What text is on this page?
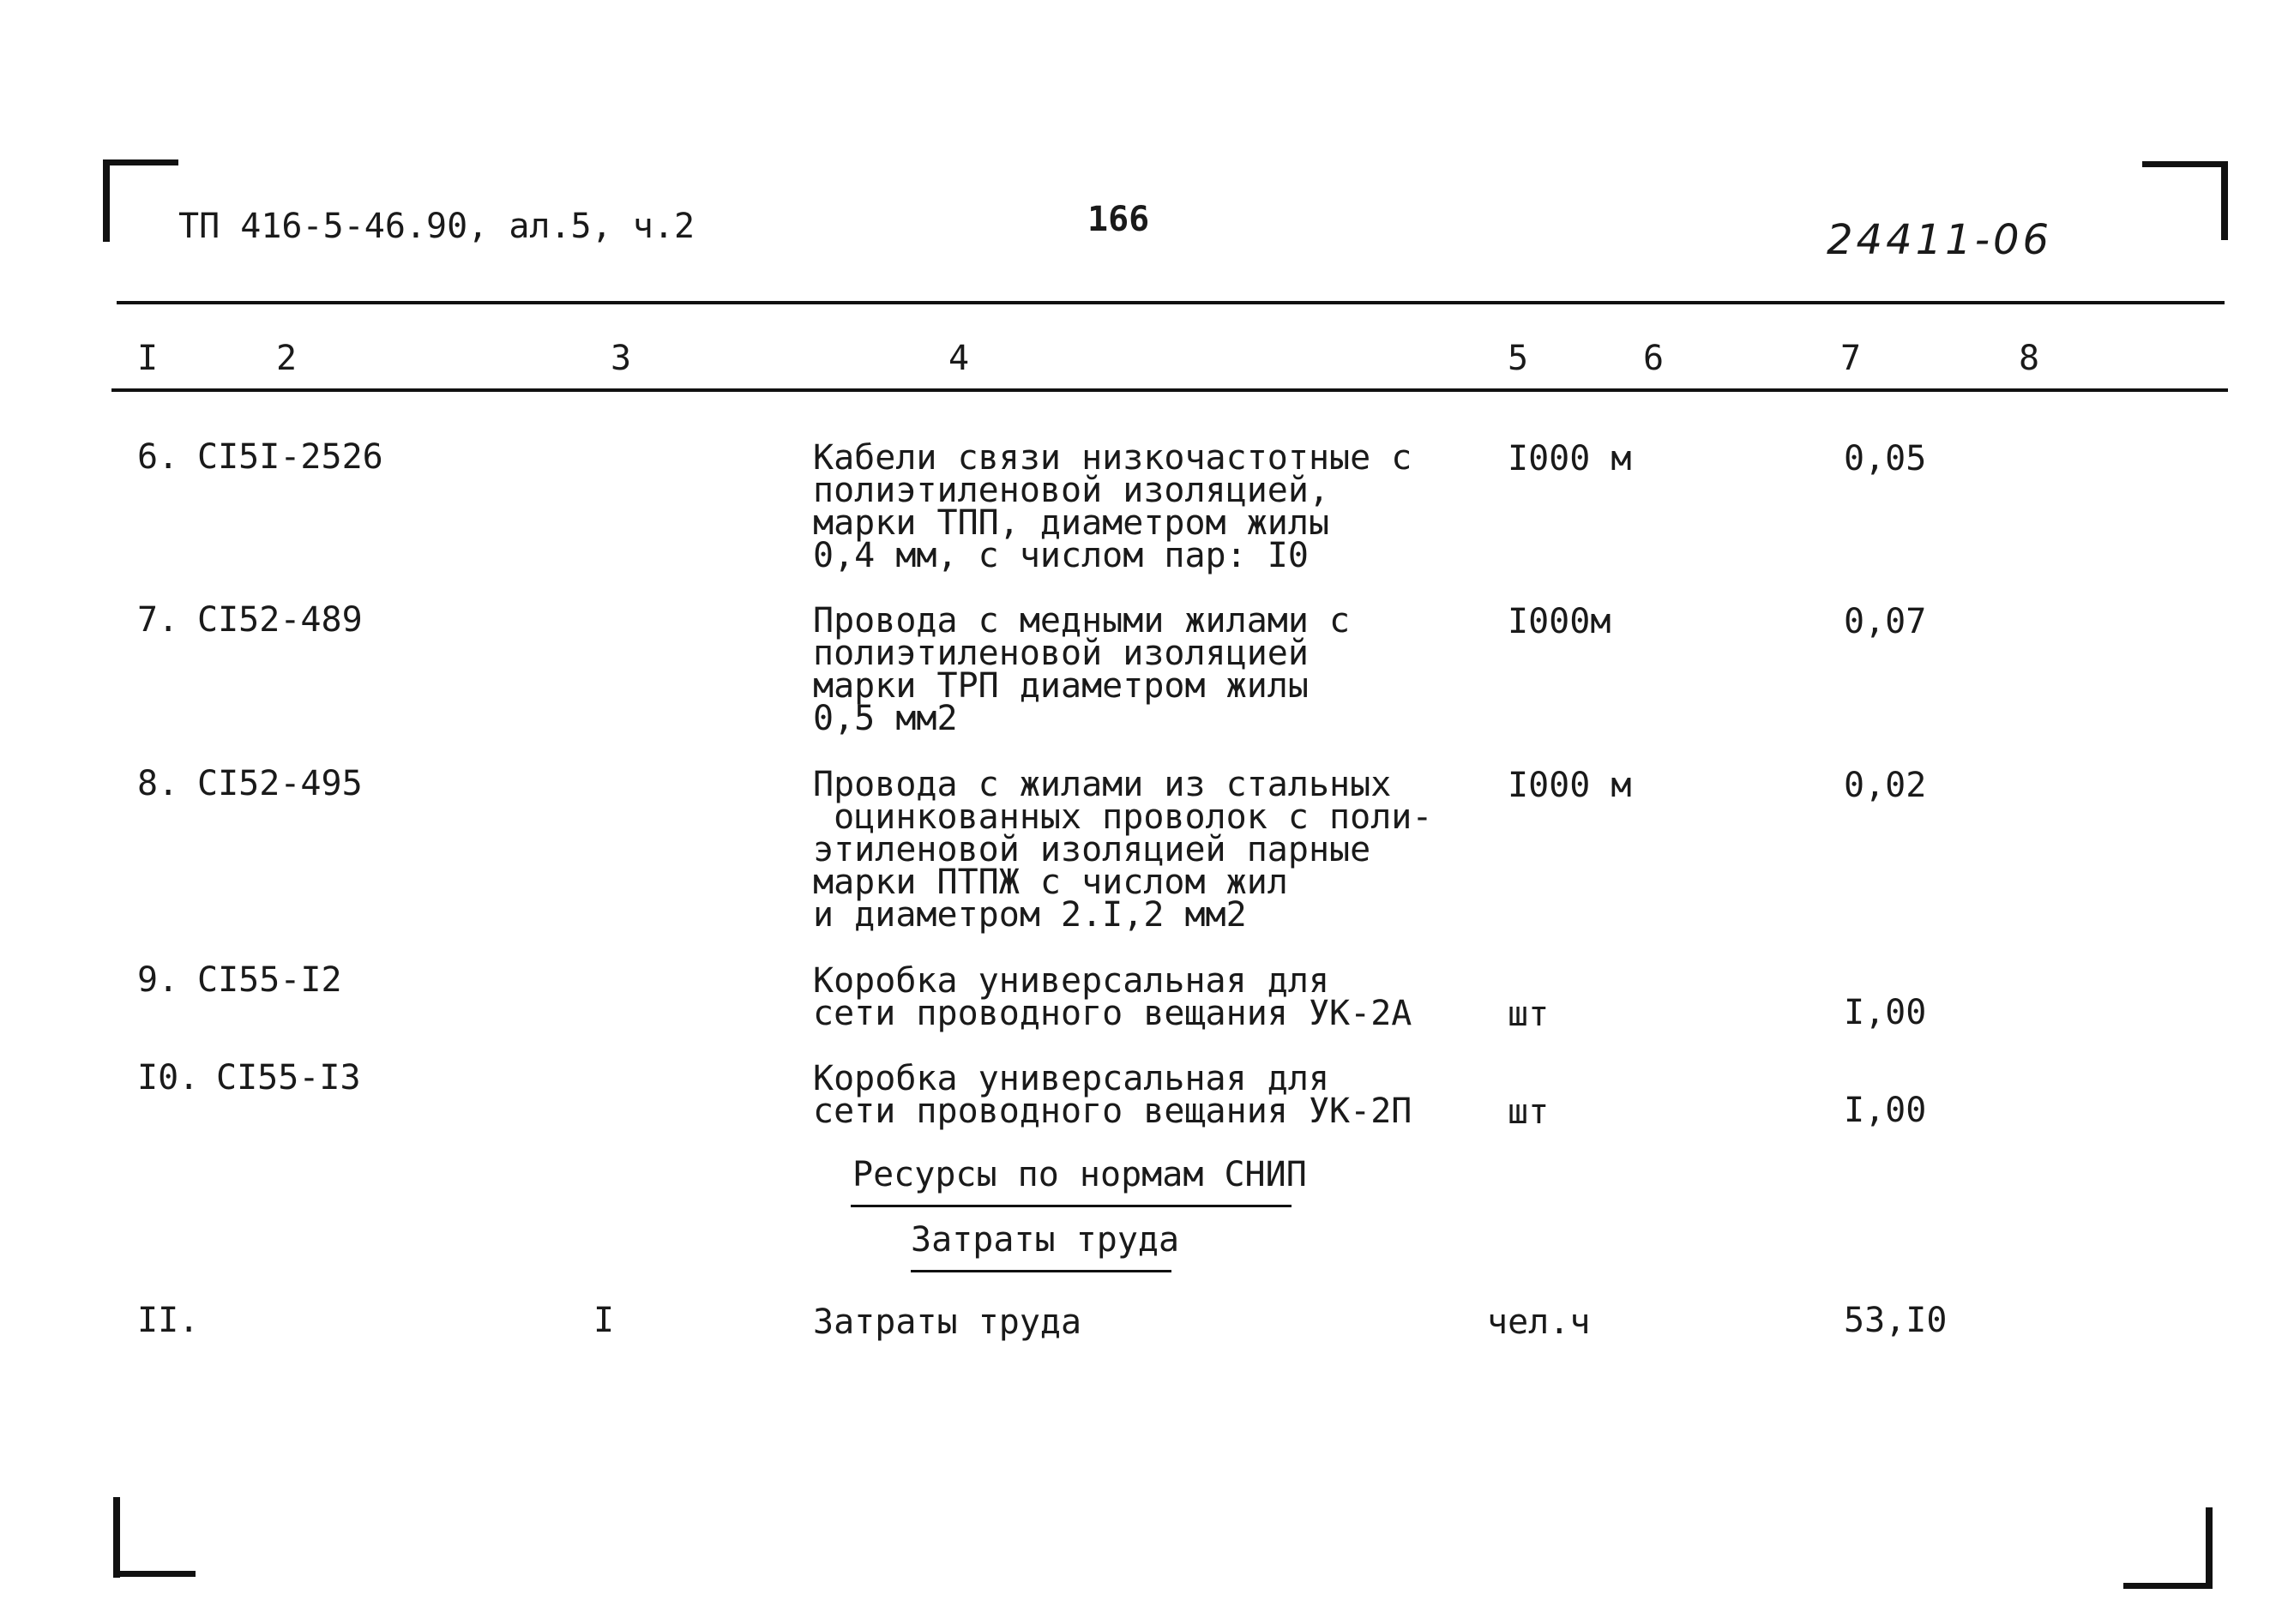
ТП 416-5-46.90, ал.5, ч.2	166	24411-06
I	2	3	4	5	6	7	8
6. СI5I-2526	Кабели связи низкочастотные с
полиэтиленовой изоляцией,
марки ТПП, диаметром жилы
0,4 мм, с числом пар: I0
I000 м	0,05
7. СI52-489	Провода с медными жилами с
полиэтиленовой изоляцией
марки ТРП диаметром жилы
0,5 мм2
I000м	0,07
8. СI52-495	Провода с жилами из стальных
оцинкованных проволок с поли-
этиленовой изоляцией парные
марки ПТПЖ с числом жил
и диаметром 2.I,2 мм2
I000 м	0,02
9. СI55-I2	Коробка универсальная для
сети проводного вещания УК-2А	шт	I,00
I0. СI55-I3	Коробка универсальная для
сети проводного вещания УК-2П	шт	I,00
Ресурсы по нормам СНИП
Затраты труда
II.	I	Затраты труда	чел.ч	53,I0
